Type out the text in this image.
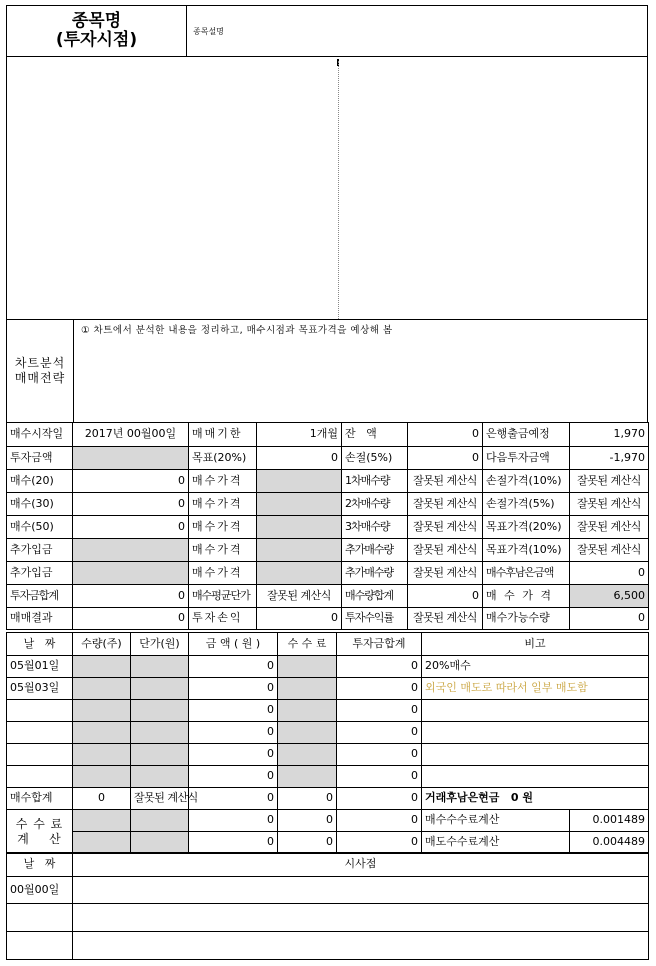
종목명
(투자시점)	종목설명
차트분석
매매전략
① 차트에서 분석한 내용을 정리하고, 매수시점과 목표가격을 예상해 봄
매수시작일	2017년 00월00일	매매기한	1개월	잔   액	0	은행출금예정	1,970
투자금액		목표(20%)	0	손절(5%)	0	다음투자금액	-1,970
매수(20)	0	매수가격		1차매수량	잘못된 계산식	손절가격(10%)	잘못된 계산식
매수(30)	0	매수가격		2차매수량	잘못된 계산식	손절가격(5%)	잘못된 계산식
매수(50)	0	매수가격		3차매수량	잘못된 계산식	목표가격(20%)	잘못된 계산식
추가입금		매수가격		추가매수량	잘못된 계산식	목표가격(10%)	잘못된 계산식
추가입금		매수가격		추가매수량	잘못된 계산식	매수후남은금액	0
투자금합계	0	매수평균단가	잘못된 계산식	매수량합계	0	매 수 가 격	6,500
매매결과	0	투자손익	0	투자수익률	잘못된 계산식	매수가능수량	0
날   짜	수량(주)	단가(원)	금 액 ( 원 )	수 수 료	투자금합계	비고	
05월01일			0		0	20%매수	
05월03일			0		0	외국인 매도로 따라서 일부 매도함	
			0		0		
			0		0		
			0		0		
			0		0		
매수합계	0	잘못된 계산식	0	0	0	거래후남은현금   0 원	

수 수 료
계    산			0	0	0	매수수수료계산	0.001489
			0	0	0	매도수수료계산	0.004489
날   짜	시사점
00월00일	
